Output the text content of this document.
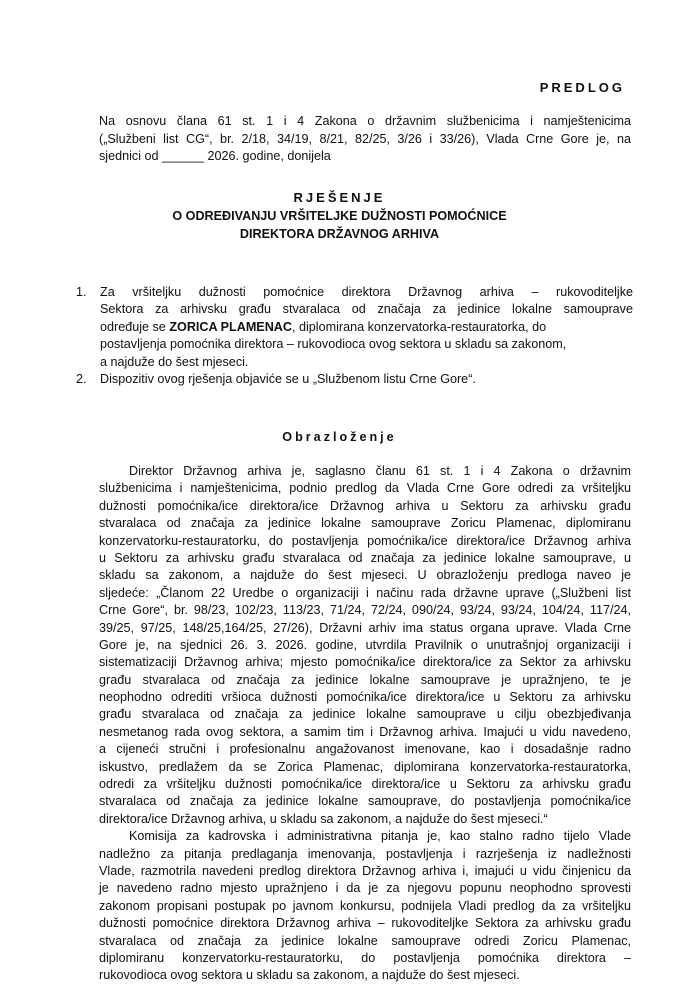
PREDLOG
Na osnovu člana 61 st. 1 i 4 Zakona o državnim službenicima i namještenicima
(„Službeni list CG“, br. 2/18, 34/19, 8/21, 82/25, 3/26 i 33/26), Vlada Crne Gore je, na
sjednici od ______ 2026. godine, donijela
RJEŠENJE
O ODREĐIVANJU VRŠITELJKE DUŽNOSTI POMOĆNICE
DIREKTORA DRŽAVNOG ARHIVA
1. Za vršiteljku dužnosti pomoćnice direktora Državnog arhiva – rukovoditeljke
Sektora za arhivsku građu stvaralaca od značaja za jedinice lokalne samouprave
određuje se ZORICA PLAMENAC, diplomirana konzervatorka-restauratorka, do
postavljenja pomoćnika direktora – rukovodioca ovog sektora u skladu sa zakonom,
a najduže do šest mjeseci.
2. Dispozitiv ovog rješenja objaviće se u „Službenom listu Crne Gore“.
Obrazloženje
Direktor Državnog arhiva je, saglasno članu 61 st. 1 i 4 Zakona o državnim
službenicima i namještenicima, podnio predlog da Vlada Crne Gore odredi za vršiteljku
dužnosti pomoćnika/ice direktora/ice Državnog arhiva u Sektoru za arhivsku građu
stvaralaca od značaja za jedinice lokalne samouprave Zoricu Plamenac, diplomiranu
konzervatorku-restauratorku, do postavljenja pomoćnika/ice direktora/ice Državnog arhiva
u Sektoru za arhivsku građu stvaralaca od značaja za jedinice lokalne samouprave, u
skladu sa zakonom, a najduže do šest mjeseci. U obrazloženju predloga naveo je
sljedeće: „Članom 22 Uredbe o organizaciji i načinu rada državne uprave („Službeni list
Crne Gore“, br. 98/23, 102/23, 113/23, 71/24, 72/24, 090/24, 93/24, 93/24, 104/24, 117/24,
39/25, 97/25, 148/25,164/25, 27/26), Državni arhiv ima status organa uprave. Vlada Crne
Gore je, na sjednici 26. 3. 2026. godine, utvrdila Pravilnik o unutrašnjoj organizaciji i
sistematizaciji Državnog arhiva; mjesto pomoćnika/ice direktora/ice za Sektor za arhivsku
građu stvaralaca od značaja za jedinice lokalne samouprave je upražnjeno, te je
neophodno odrediti vršioca dužnosti pomoćnika/ice direktora/ice u Sektoru za arhivsku
građu stvaralaca od značaja za jedinice lokalne samouprave u cilju obezbjeđivanja
nesmetanog rada ovog sektora, a samim tim i Državnog arhiva. Imajući u vidu navedeno,
a cijeneći stručni i profesionalnu angažovanost imenovane, kao i dosadašnje radno
iskustvo, predlažem da se Zorica Plamenac, diplomirana konzervatorka-restauratorka,
odredi za vršiteljku dužnosti pomoćnika/ice direktora/ice u Sektoru za arhivsku građu
stvaralaca od značaja za jedinice lokalne samouprave, do postavljenja pomoćnika/ice
direktora/ice Državnog arhiva, u skladu sa zakonom, a najduže do šest mjeseci.“
Komisija za kadrovska i administrativna pitanja je, kao stalno radno tijelo Vlade
nadležno za pitanja predlaganja imenovanja, postavljenja i razrješenja iz nadležnosti
Vlade, razmotrila navedeni predlog direktora Državnog arhiva i, imajući u vidu činjenicu da
je navedeno radno mjesto upražnjeno i da je za njegovu popunu neophodno sprovesti
zakonom propisani postupak po javnom konkursu, podnijela Vladi predlog da za vršiteljku
dužnosti pomoćnice direktora Državnog arhiva – rukovoditeljke Sektora za arhivsku građu
stvaralaca od značaja za jedinice lokalne samouprave odredi Zoricu Plamenac,
diplomiranu konzervatorku-restauratorku, do postavljenja pomoćnika direktora –
rukovodioca ovog sektora u skladu sa zakonom, a najduže do šest mjeseci.
